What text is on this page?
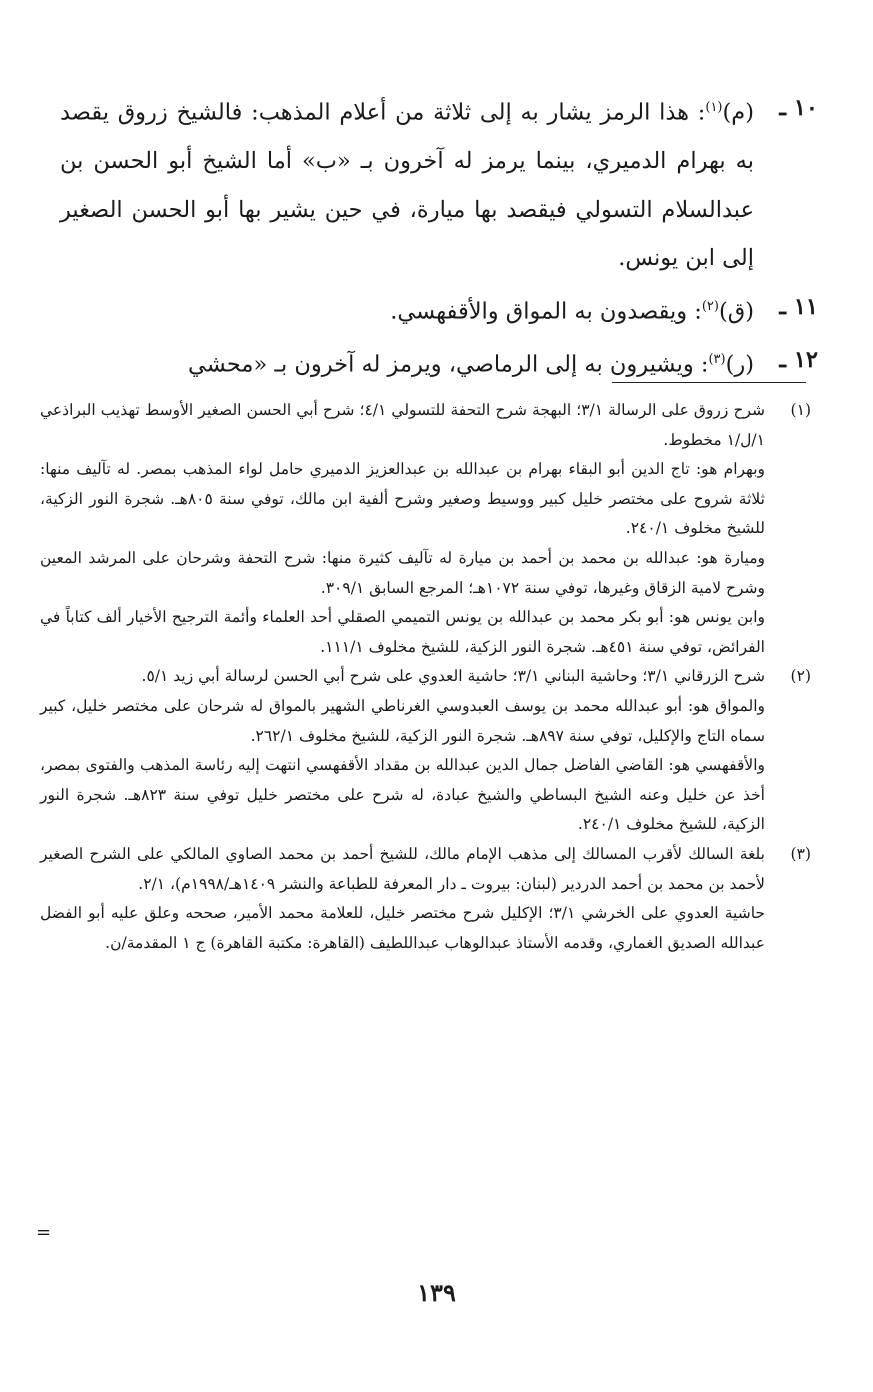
١٠ ـ
(م)$^{(١)}$: هذا الرمز يشار به إلى ثلاثة من أعلام المذهب: فالشيخ زروق يقصد به بهرام الدميري، بينما يرمز له آخرون بـ «ب» أما الشيخ أبو الحسن بن عبدالسلام التسولي فيقصد بها ميارة، في حين يشير بها أبو الحسن الصغير إلى ابن يونس.
١١ ـ
(ق)$^{(٢)}$: ويقصدون به المواق والأقفهسي.
١٢ ـ
(ر)$^{(٣)}$: ويشيرون به إلى الرماصي، ويرمز له آخرون بـ «محشي
(١)

شرح زروق على الرسالة ٣/١؛ البهجة شرح التحفة للتسولي ٤/١؛ شرح أبي الحسن الصغير الأوسط تهذيب البراذعي ١/ل/١ مخطوط.

وبهرام هو: تاج الدين أبو البقاء بهرام بن عبدالله بن عبدالعزيز الدميري حامل لواء المذهب بمصر. له تآليف منها: ثلاثة شروح على مختصر خليل كبير ووسيط وصغير وشرح ألفية ابن مالك، توفي سنة ٨٠٥هـ. شجرة النور الزكية، للشيخ مخلوف ٢٤٠/١.

وميارة هو: عبدالله بن محمد بن أحمد بن ميارة له تآليف كثيرة منها: شرح التحفة وشرحان على المرشد المعين وشرح لامية الزقاق وغيرها، توفي سنة ١٠٧٢هـ؛ المرجع السابق ٣٠٩/١.

وابن يونس هو: أبو بكر محمد بن عبدالله بن يونس التميمي الصقلي أحد العلماء وأئمة الترجيح الأخيار ألف كتاباً في الفرائض، توفي سنة ٤٥١هـ. شجرة النور الزكية، للشيخ مخلوف ١١١/١.

(٢)

شرح الزرقاني ٣/١؛ وحاشية البناني ٣/١؛ حاشية العدوي على شرح أبي الحسن لرسالة أبي زيد ٥/١.

والمواق هو: أبو عبدالله محمد بن يوسف العبدوسي الغرناطي الشهير بالمواق له شرحان على مختصر خليل، كبير سماه التاج والإكليل، توفي سنة ٨٩٧هـ. شجرة النور الزكية، للشيخ مخلوف ٢٦٢/١.

والأقفهسي هو: القاضي الفاضل جمال الدين عبدالله بن مقداد الأقفهسي انتهت إليه رئاسة المذهب والفتوى بمصر، أخذ عن خليل وعنه الشيخ البساطي والشيخ عبادة، له شرح على مختصر خليل توفي سنة ٨٢٣هـ. شجرة النور الزكية، للشيخ مخلوف ٢٤٠/١.

(٣)

بلغة السالك لأقرب المسالك إلى مذهب الإمام مالك، للشيخ أحمد بن محمد الصاوي المالكي على الشرح الصغير لأحمد بن محمد بن أحمد الدردير (لبنان: بيروت ـ دار المعرفة للطباعة والنشر ١٤٠٩هـ/١٩٩٨م)، ٢/١.

حاشية العدوي على الخرشي ٣/١؛ الإكليل شرح مختصر خليل، للعلامة محمد الأمير، صححه وعلق عليه أبو الفضل عبدالله الصديق الغماري، وقدمه الأستاذ عبدالوهاب عبداللطيف (القاهرة: مكتبة القاهرة) ج ١ المقدمة/ن.

=
١٣٩
